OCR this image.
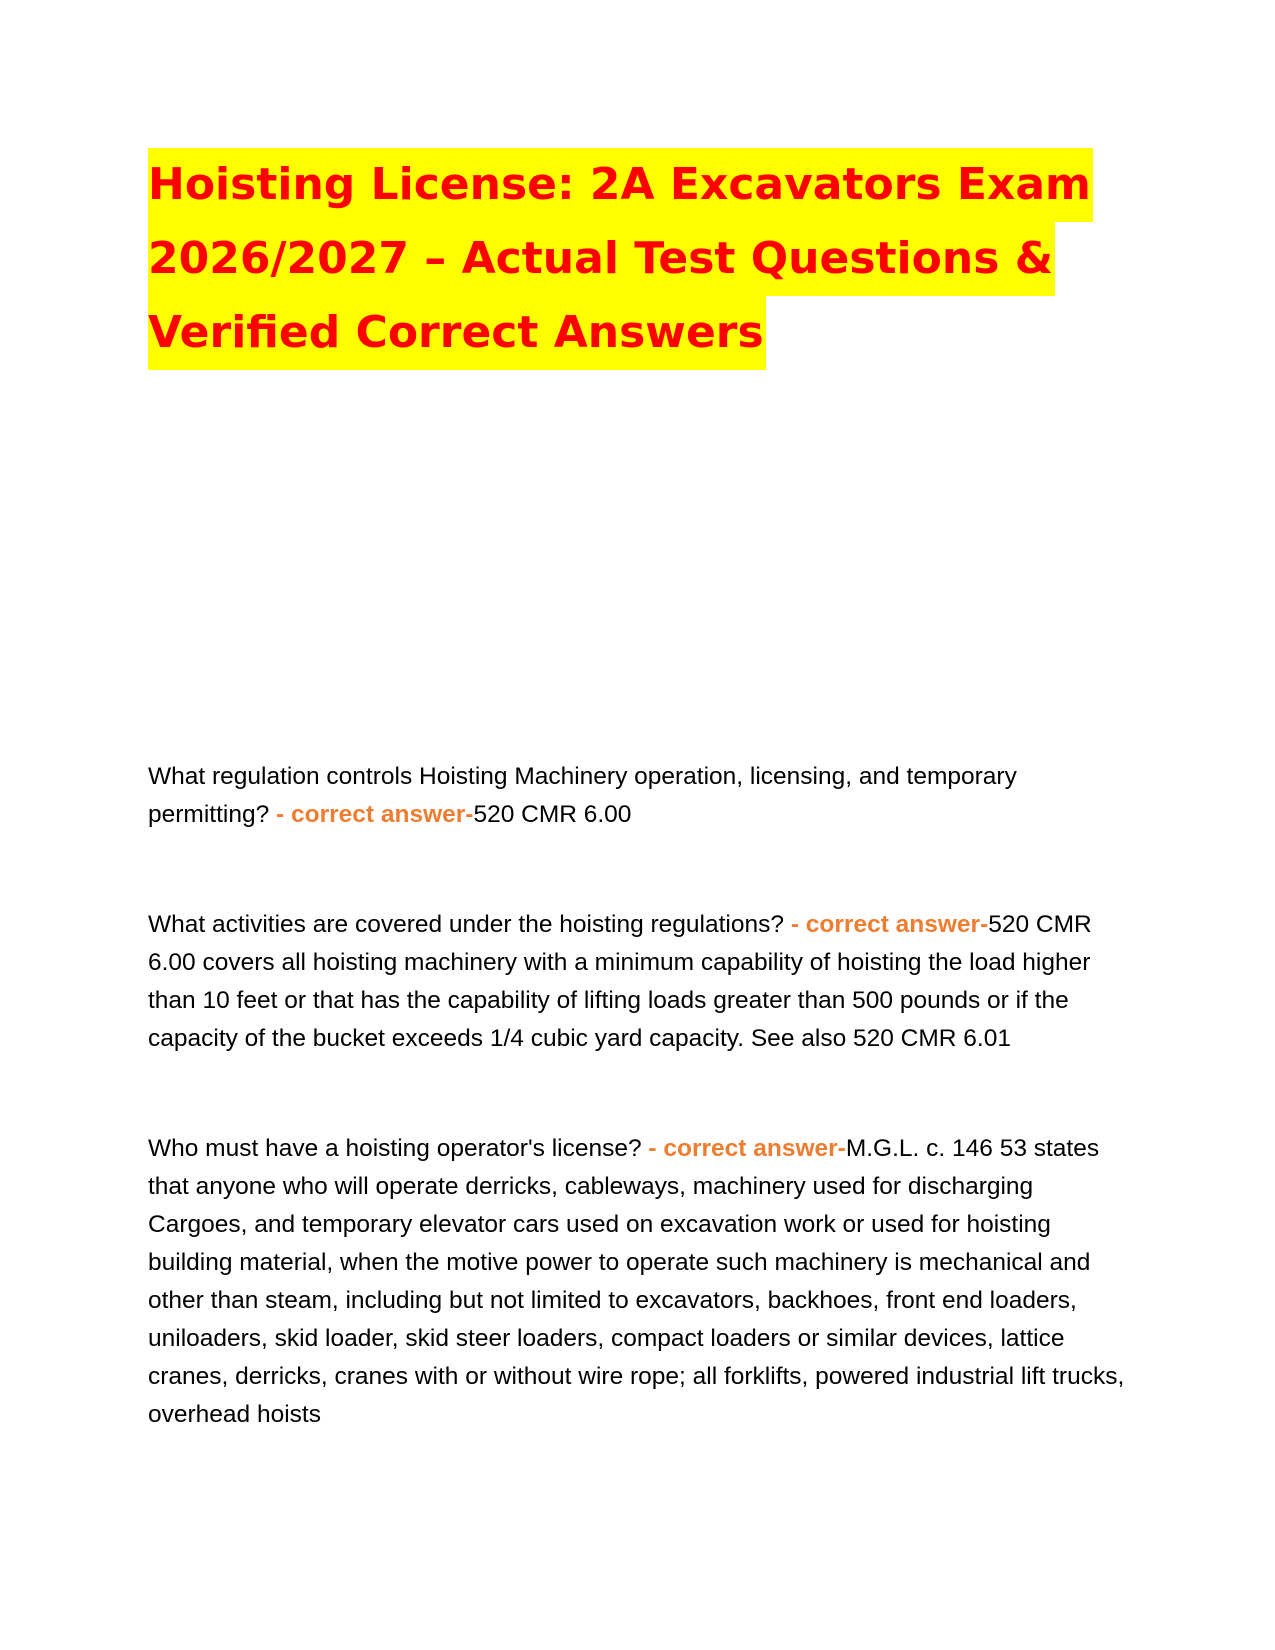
Hoisting License: 2A Excavators Exam
2026/2027 – Actual Test Questions &
Verified Correct Answers

What regulation controls Hoisting Machinery operation, licensing, and temporary permitting? - correct answer-520 CMR 6.00

What activities are covered under the hoisting regulations? - correct answer-520 CMR 6.00 covers all hoisting machinery with a minimum capability of hoisting the load higher than 10 feet or that has the capability of lifting loads greater than 500 pounds or if the capacity of the bucket exceeds 1/4 cubic yard capacity. See also 520 CMR 6.01

Who must have a hoisting operator's license? - correct answer-M.G.L. c. 146 53 states that anyone who will operate derricks, cableways, machinery used for discharging Cargoes, and temporary elevator cars used on excavation work or used for hoisting building material, when the motive power to operate such machinery is mechanical and other than steam, including but not limited to excavators, backhoes, front end loaders, uniloaders, skid loader, skid steer loaders, compact loaders or similar devices, lattice cranes, derricks, cranes with or without wire rope; all forklifts, powered industrial lift trucks, overhead hoists
